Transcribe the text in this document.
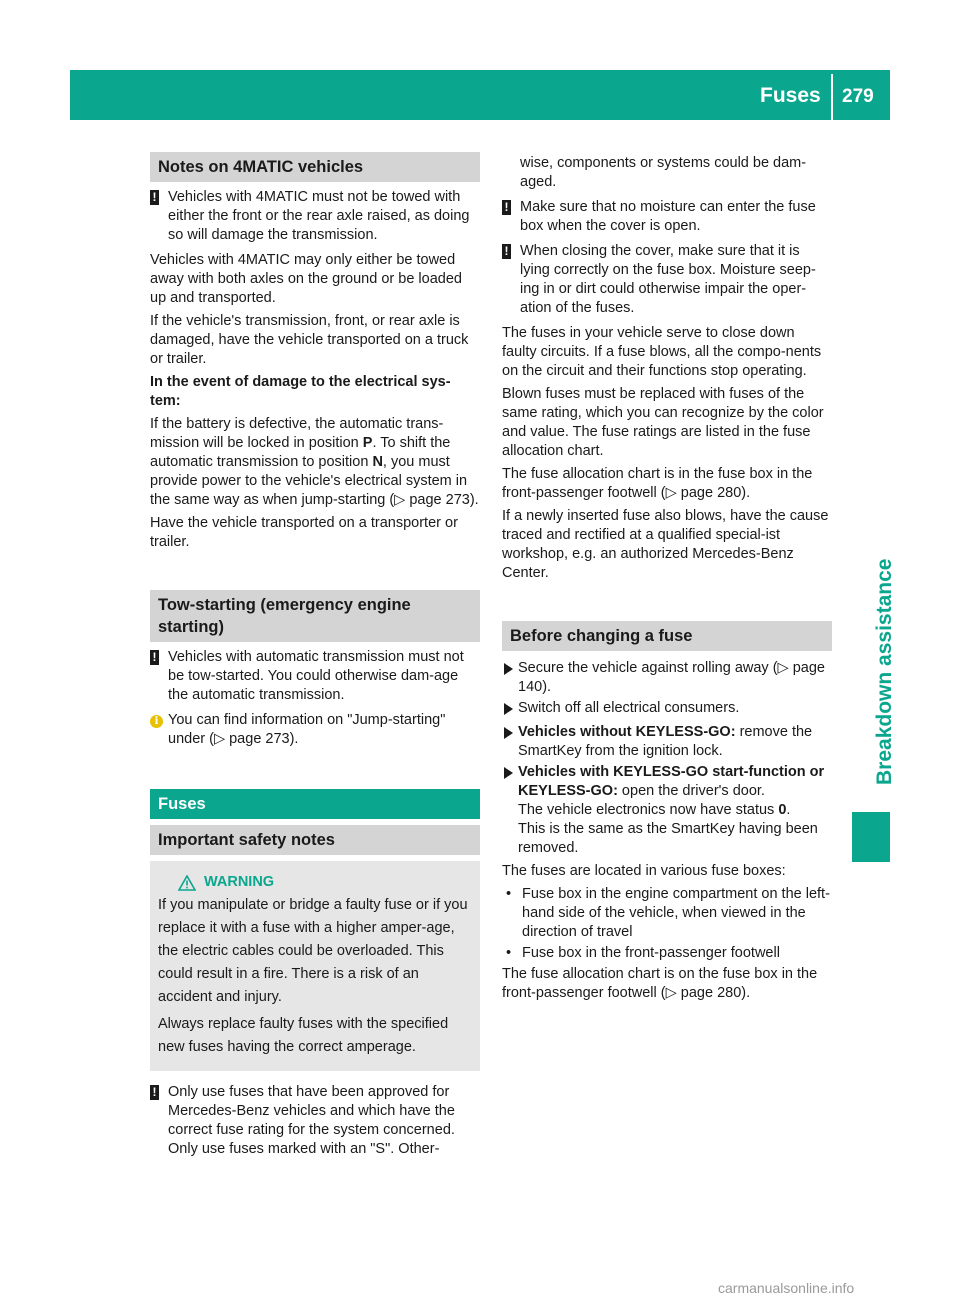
Fuses 279
Breakdown assistance
Notes on 4MATIC vehicles
! Vehicles with 4MATIC must not be towed with either the front or the rear axle raised, as doing so will damage the transmission.

Vehicles with 4MATIC may only either be towed away with both axles on the ground or be loaded up and transported.

If the vehicle's transmission, front, or rear axle is damaged, have the vehicle transported on a truck or trailer.

In the event of damage to the electrical sys-tem:

If the battery is defective, the automatic trans-mission will be locked in position P. To shift the automatic transmission to position N, you must provide power to the vehicle's electrical system in the same way as when jump-starting (▷ page 273).

Have the vehicle transported on a transporter or trailer.

Tow-starting (emergency engine starting)
! Vehicles with automatic transmission must not be tow-started. You could otherwise dam-age the automatic transmission.
i You can find information on "Jump-starting" under (▷ page 273).
Fuses
Important safety notes
WARNING

If you manipulate or bridge a faulty fuse or if you replace it with a fuse with a higher amper-age, the electric cables could be overloaded. This could result in a fire. There is a risk of an accident and injury.

Always replace faulty fuses with the specified new fuses having the correct amperage.

! Only use fuses that have been approved for Mercedes-Benz vehicles and which have the correct fuse rating for the system concerned. Only use fuses marked with an "S". Other-
wise, components or systems could be dam-aged.
! Make sure that no moisture can enter the fuse box when the cover is open.
! When closing the cover, make sure that it is lying correctly on the fuse box. Moisture seep-ing in or dirt could otherwise impair the oper-ation of the fuses.

The fuses in your vehicle serve to close down faulty circuits. If a fuse blows, all the compo-nents on the circuit and their functions stop operating.

Blown fuses must be replaced with fuses of the same rating, which you can recognize by the color and value. The fuse ratings are listed in the fuse allocation chart.

The fuse allocation chart is in the fuse box in the front-passenger footwell (▷ page 280).

If a newly inserted fuse also blows, have the cause traced and rectified at a qualified special-ist workshop, e.g. an authorized Mercedes-Benz Center.

Before changing a fuse
Secure the vehicle against rolling away (▷ page 140).
Switch off all electrical consumers.
Vehicles without KEYLESS-GO: remove the SmartKey from the ignition lock.
Vehicles with KEYLESS-GO start-function or KEYLESS-GO: open the driver's door.
The vehicle electronics now have status 0.
This is the same as the SmartKey having been removed.

The fuses are located in various fuse boxes:

• Fuse box in the engine compartment on the left-hand side of the vehicle, when viewed in the direction of travel
• Fuse box in the front-passenger footwell

The fuse allocation chart is on the fuse box in the front-passenger footwell (▷ page 280).

carmanualsonline.info
